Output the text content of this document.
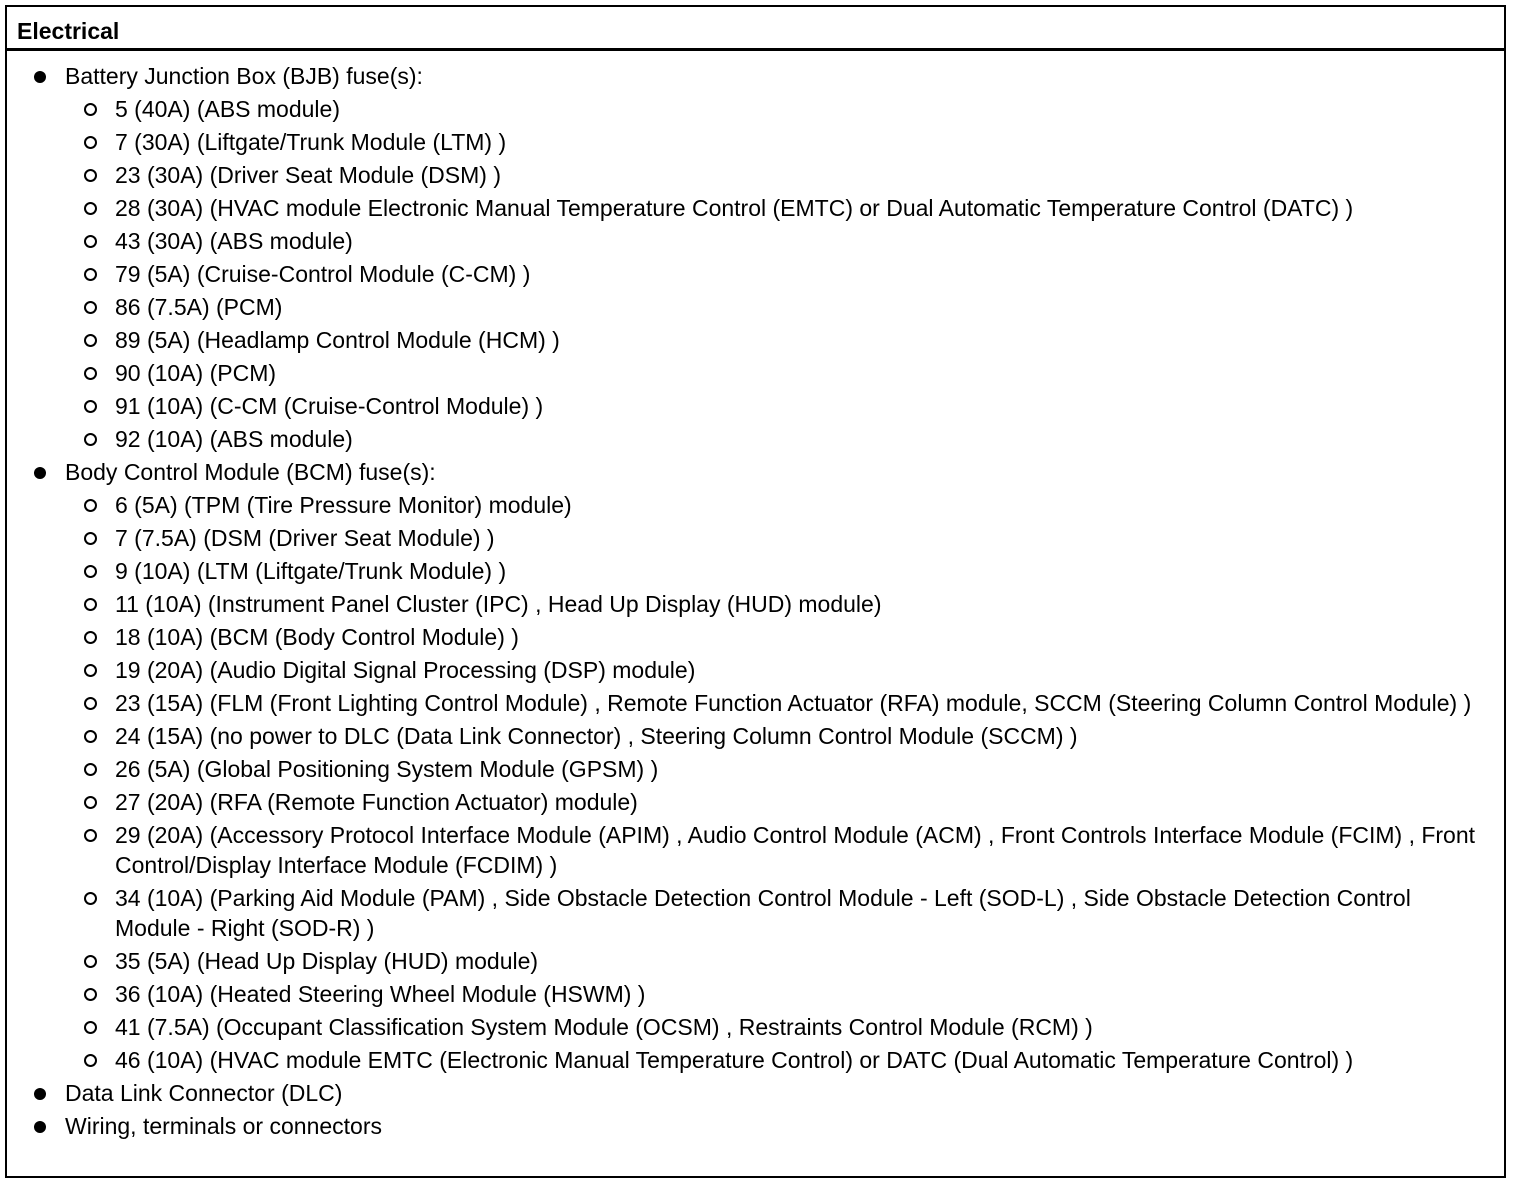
Electrical
Battery Junction Box (BJB) fuse(s):
5 (40A) (ABS module)
7 (30A) (Liftgate/Trunk Module (LTM) )
23 (30A) (Driver Seat Module (DSM) )
28 (30A) (HVAC module Electronic Manual Temperature Control (EMTC) or Dual Automatic Temperature Control (DATC) )
43 (30A) (ABS module)
79 (5A) (Cruise-Control Module (C-CM) )
86 (7.5A) (PCM)
89 (5A) (Headlamp Control Module (HCM) )
90 (10A) (PCM)
91 (10A) (C-CM (Cruise-Control Module) )
92 (10A) (ABS module)
Body Control Module (BCM) fuse(s):
6 (5A) (TPM (Tire Pressure Monitor) module)
7 (7.5A) (DSM (Driver Seat Module) )
9 (10A) (LTM (Liftgate/Trunk Module) )
11 (10A) (Instrument Panel Cluster (IPC) , Head Up Display (HUD) module)
18 (10A) (BCM (Body Control Module) )
19 (20A) (Audio Digital Signal Processing (DSP) module)
23 (15A) (FLM (Front Lighting Control Module) , Remote Function Actuator (RFA) module, SCCM (Steering Column Control Module) )
24 (15A) (no power to DLC (Data Link Connector) , Steering Column Control Module (SCCM) )
26 (5A) (Global Positioning System Module (GPSM) )
27 (20A) (RFA (Remote Function Actuator) module)
29 (20A) (Accessory Protocol Interface Module (APIM) , Audio Control Module (ACM) , Front Controls Interface Module (FCIM) , Front Control/Display Interface Module (FCDIM) )
34 (10A) (Parking Aid Module (PAM) , Side Obstacle Detection Control Module - Left (SOD-L) , Side Obstacle Detection Control Module - Right (SOD-R) )
35 (5A) (Head Up Display (HUD) module)
36 (10A) (Heated Steering Wheel Module (HSWM) )
41 (7.5A) (Occupant Classification System Module (OCSM) , Restraints Control Module (RCM) )
46 (10A) (HVAC module EMTC (Electronic Manual Temperature Control) or DATC (Dual Automatic Temperature Control) )
Data Link Connector (DLC)
Wiring, terminals or connectors
